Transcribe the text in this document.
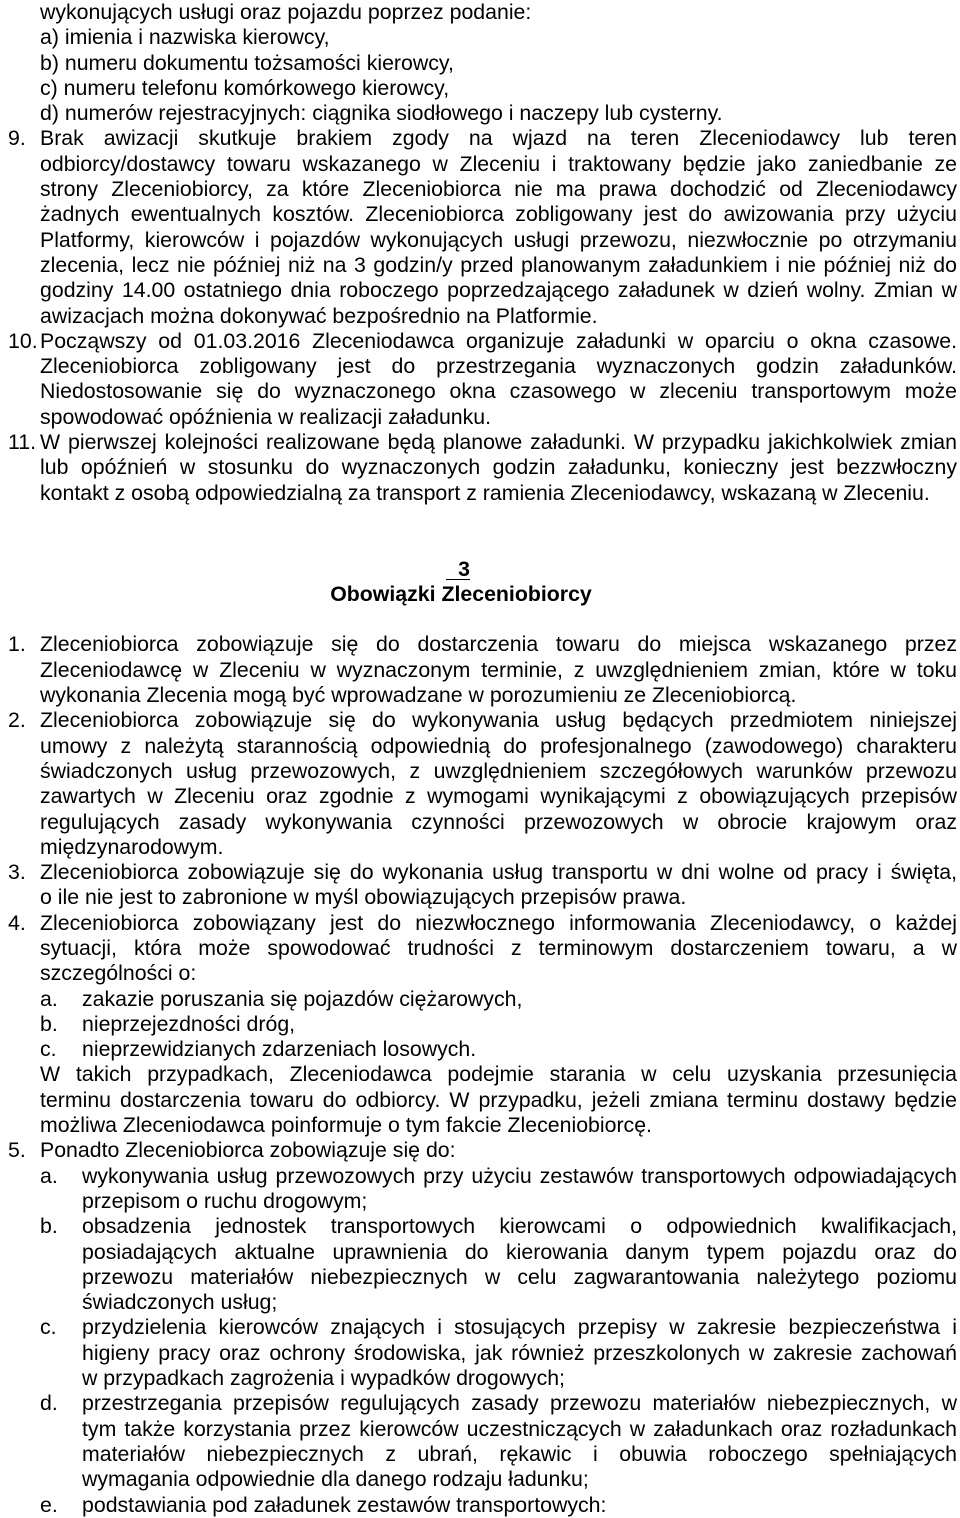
wykonujących usługi oraz pojazdu poprzez podanie:
a) imienia i nazwiska kierowcy,
b) numeru dokumentu tożsamości kierowcy,
c) numeru telefonu komórkowego kierowcy,
d) numerów rejestracyjnych: ciągnika siodłowego i naczepy lub cysterny.
9. Brak awizacji skutkuje brakiem zgody na wjazd na teren Zleceniodawcy lub teren
odbiorcy/dostawcy towaru wskazanego w Zleceniu i traktowany będzie jako zaniedbanie ze
strony Zleceniobiorcy, za które Zleceniobiorca nie ma prawa dochodzić od Zleceniodawcy
żadnych ewentualnych kosztów. Zleceniobiorca zobligowany jest do awizowania przy użyciu
Platformy, kierowców i pojazdów wykonujących usługi przewozu, niezwłocznie po otrzymaniu
zlecenia, lecz nie później niż na 3 godzin/y przed planowanym załadunkiem i nie później niż do
godziny 14.00 ostatniego dnia roboczego poprzedzającego załadunek w dzień wolny. Zmian w
awizacjach można dokonywać bezpośrednio na Platformie.
10. Począwszy od 01.03.2016 Zleceniodawca organizuje załadunki w oparciu o okna czasowe.
Zleceniobiorca zobligowany jest do przestrzegania wyznaczonych godzin załadunków.
Niedostosowanie się do wyznaczonego okna czasowego w zleceniu transportowym może
spowodować opóźnienia w realizacji załadunku.
11. W pierwszej kolejności realizowane będą planowe załadunki. W przypadku jakichkolwiek zmian
lub opóźnień w stosunku do wyznaczonych godzin załadunku, konieczny jest bezzwłoczny
kontakt z osobą odpowiedzialną za transport z ramienia Zleceniodawcy, wskazaną w Zleceniu.
3
Obowiązki Zleceniobiorcy
1. Zleceniobiorca zobowiązuje się do dostarczenia towaru do miejsca wskazanego przez
Zleceniodawcę w Zleceniu w wyznaczonym terminie, z uwzględnieniem zmian, które w toku
wykonania Zlecenia mogą być wprowadzane w porozumieniu ze Zleceniobiorcą.
2. Zleceniobiorca zobowiązuje się do wykonywania usług będących przedmiotem niniejszej
umowy z należytą starannością odpowiednią do profesjonalnego (zawodowego) charakteru
świadczonych usług przewozowych, z uwzględnieniem szczegółowych warunków przewozu
zawartych w Zleceniu oraz zgodnie z wymogami wynikającymi z obowiązujących przepisów
regulujących zasady wykonywania czynności przewozowych w obrocie krajowym oraz
międzynarodowym.
3. Zleceniobiorca zobowiązuje się do wykonania usług transportu w dni wolne od pracy i święta,
o ile nie jest to zabronione w myśl obowiązujących przepisów prawa.
4. Zleceniobiorca zobowiązany jest do niezwłocznego informowania Zleceniodawcy, o każdej
sytuacji, która może spowodować trudności z terminowym dostarczeniem towaru, a w
szczególności o:
a. zakazie poruszania się pojazdów ciężarowych,
b. nieprzejezdności dróg,
c. nieprzewidzianych zdarzeniach losowych.
W takich przypadkach, Zleceniodawca podejmie starania w celu uzyskania przesunięcia
terminu dostarczenia towaru do odbiorcy. W przypadku, jeżeli zmiana terminu dostawy będzie
możliwa Zleceniodawca poinformuje o tym fakcie Zleceniobiorcę.
5. Ponadto Zleceniobiorca zobowiązuje się do:
a. wykonywania usług przewozowych przy użyciu zestawów transportowych odpowiadających
przepisom o ruchu drogowym;
b. obsadzenia jednostek transportowych kierowcami o odpowiednich kwalifikacjach,
posiadających aktualne uprawnienia do kierowania danym typem pojazdu oraz do
przewozu materiałów niebezpiecznych w celu zagwarantowania należytego poziomu
świadczonych usług;
c. przydzielenia kierowców znających i stosujących przepisy w zakresie bezpieczeństwa i
higieny pracy oraz ochrony środowiska, jak również przeszkolonych w zakresie zachowań
w przypadkach zagrożenia i wypadków drogowych;
d. przestrzegania przepisów regulujących zasady przewozu materiałów niebezpiecznych, w
tym także korzystania przez kierowców uczestniczących w załadunkach oraz rozładunkach
materiałów niebezpiecznych z ubrań, rękawic i obuwia roboczego spełniających
wymagania odpowiednie dla danego rodzaju ładunku;
e. podstawiania pod załadunek zestawów transportowych:
